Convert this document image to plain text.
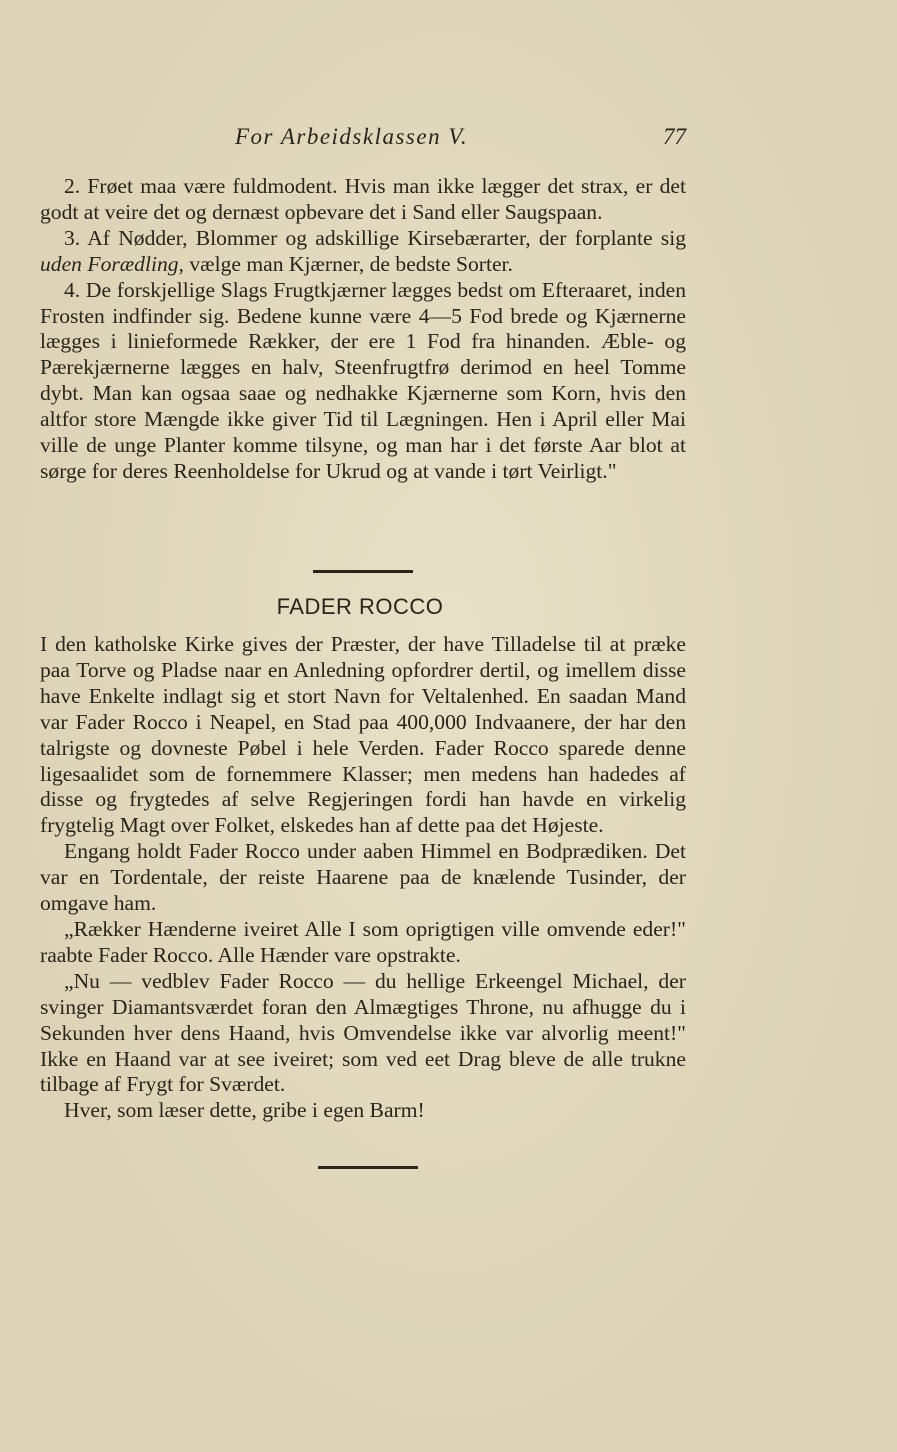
For Arbeidsklassen V.	77

2. Frøet maa være fuldmodent. Hvis man ikke lægger det strax, er det godt at veire det og dernæst opbevare det i Sand eller Saugspaan.

3. Af Nødder, Blommer og adskillige Kirsebærarter, der forplante sig uden Forædling, vælge man Kjærner, de bedste Sorter.

4. De forskjellige Slags Frugtkjærner lægges bedst om Efteraaret, inden Frosten indfinder sig. Bedene kunne være 4—5 Fod brede og Kjærnerne lægges i linieformede Rækker, der ere 1 Fod fra hinanden. Æble- og Pærekjærnerne lægges en halv, Steenfrugtfrø derimod en heel Tomme dybt. Man kan ogsaa saae og nedhakke Kjærnerne som Korn, hvis den altfor store Mængde ikke giver Tid til Lægningen. Hen i April eller Mai ville de unge Planter komme tilsyne, og man har i det første Aar blot at sørge for deres Reenholdelse for Ukrud og at vande i tørt Veirligt."

FADER ROCCO

I den katholske Kirke gives der Præster, der have Tilladelse til at præke paa Torve og Pladse naar en Anledning opfordrer dertil, og imellem disse have Enkelte indlagt sig et stort Navn for Veltalenhed. En saadan Mand var Fader Rocco i Neapel, en Stad paa 400,000 Indvaanere, der har den talrigste og dovneste Pøbel i hele Verden. Fader Rocco sparede denne ligesaalidet som de fornemmere Klasser; men medens han hadedes af disse og frygtedes af selve Regjeringen fordi han havde en virkelig frygtelig Magt over Folket, elskedes han af dette paa det Højeste.

Engang holdt Fader Rocco under aaben Himmel en Bodprædiken. Det var en Tordentale, der reiste Haarene paa de knælende Tusinder, der omgave ham.

„Rækker Hænderne iveiret Alle I som oprigtigen ville omvende eder!" raabte Fader Rocco. Alle Hænder vare opstrakte.

„Nu — vedblev Fader Rocco — du hellige Erkeengel Michael, der svinger Diamantsværdet foran den Almægtiges Throne, nu afhugge du i Sekunden hver dens Haand, hvis Omvendelse ikke var alvorlig meent!" Ikke en Haand var at see iveiret; som ved eet Drag bleve de alle trukne tilbage af Frygt for Sværdet.

Hver, som læser dette, gribe i egen Barm!
